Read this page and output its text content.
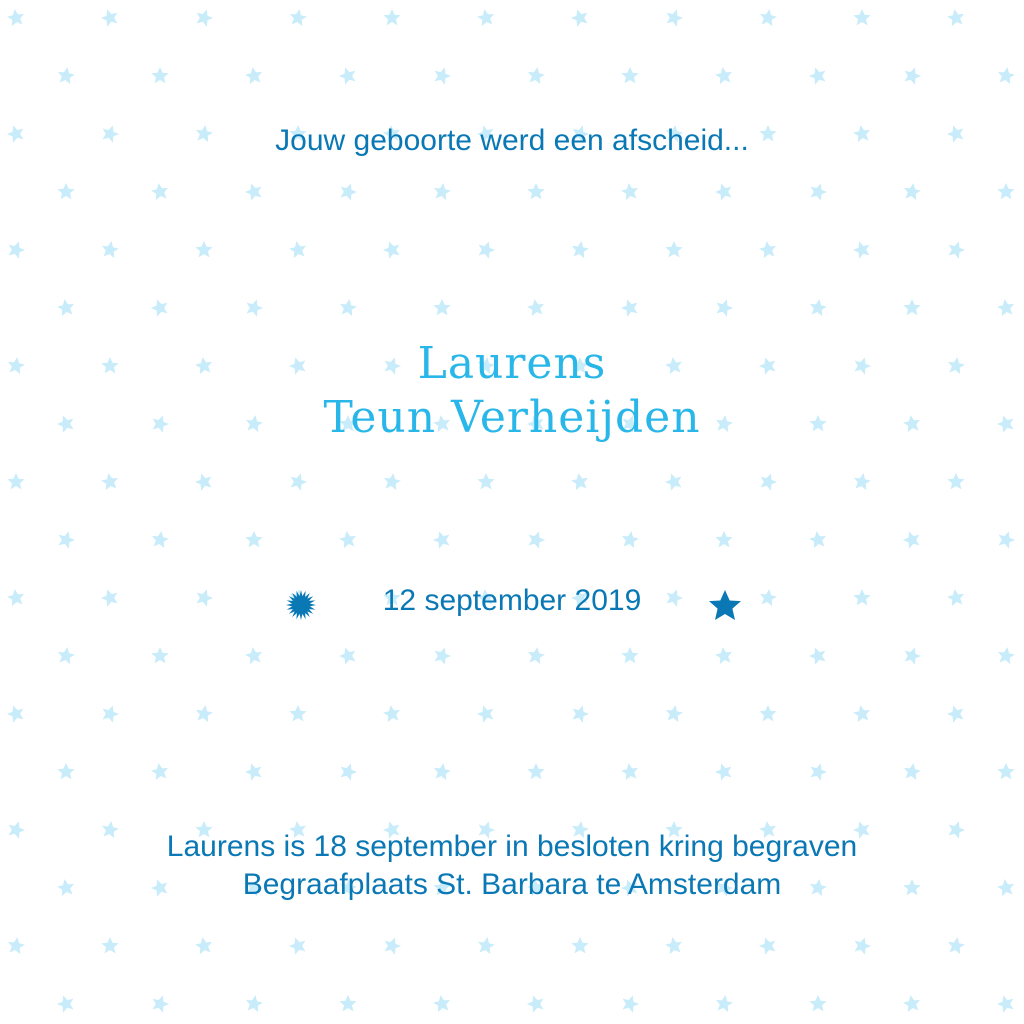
Jouw geboorte werd een afscheid...
Laurens
Teun Verheijden
12 september 2019
Laurens is 18 september in besloten kring begraven
Begraafplaats St. Barbara te Amsterdam
